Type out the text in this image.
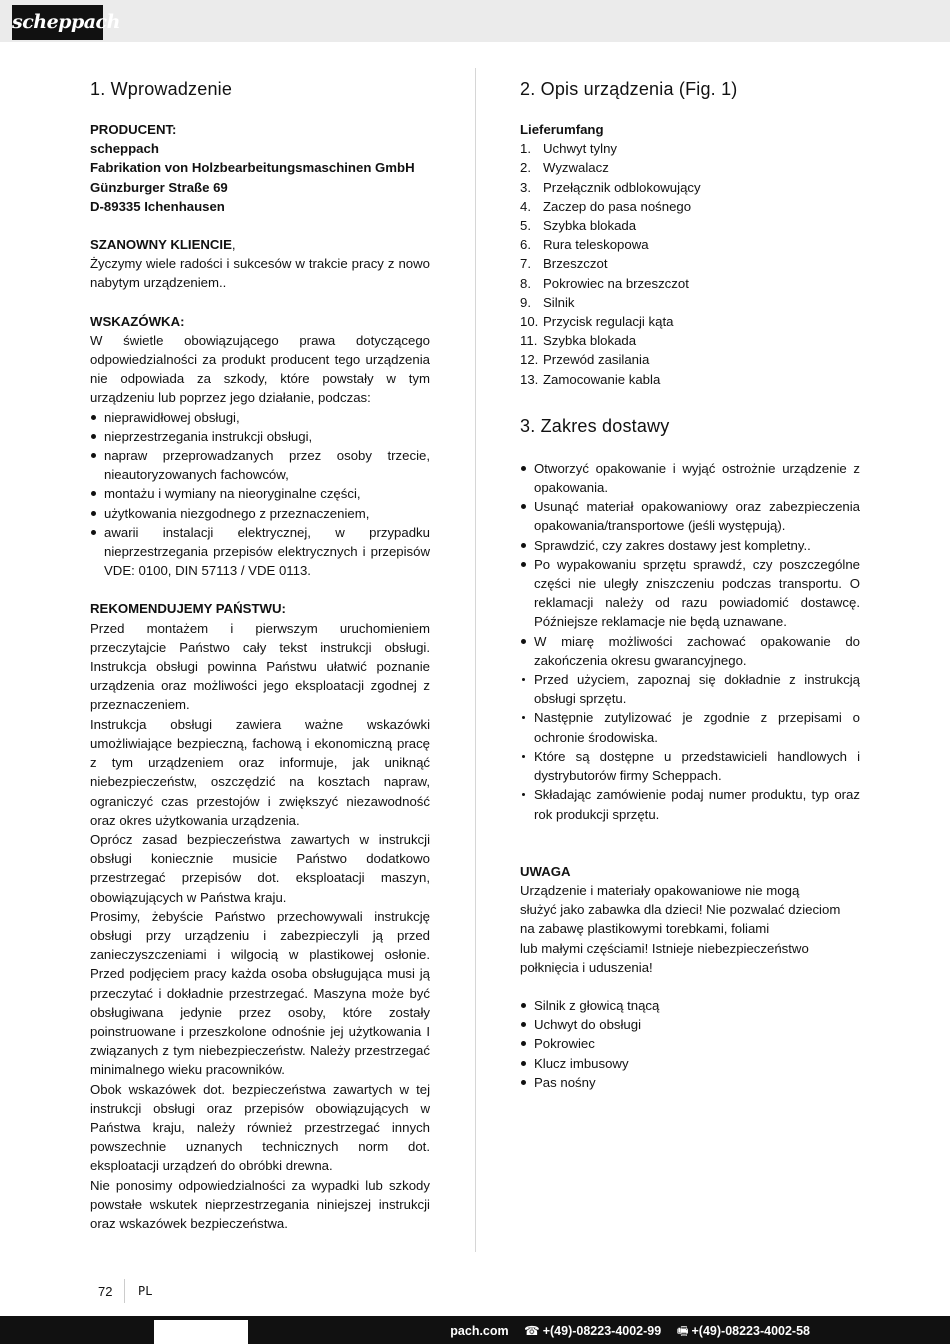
scheppach
1. Wprowadzenie

PRODUCENT:

scheppach

Fabrikation von Holzbearbeitungsmaschinen GmbH

Günzburger Straße 69

D-89335 Ichenhausen

SZANOWNY KLIENCIE,

Życzymy wiele radości i sukcesów w trakcie pracy z nowo nabytym urządzeniem..

WSKAZÓWKA:

W świetle obowiązującego prawa dotyczącego odpowiedzialności za produkt producent tego urządzenia nie odpowiada za szkody, które powstały w tym urządzeniu lub poprzez jego działanie, podczas:

nieprawidłowej obsługi,
nieprzestrzegania instrukcji obsługi,
napraw przeprowadzanych przez osoby trzecie, nieautoryzowanych fachowców,
montażu i wymiany na nieoryginalne części,
użytkowania niezgodnego z przeznaczeniem,
awarii instalacji elektrycznej, w przypadku nieprzestrzegania przepisów elektrycznych i przepisów VDE: 0100, DIN 57113 / VDE 0113.

REKOMENDUJEMY PAŃSTWU:

Przed montażem i pierwszym uruchomieniem przeczytajcie Państwo cały tekst instrukcji obsługi. Instrukcja obsługi powinna Państwu ułatwić poznanie urządzenia oraz możliwości jego eksploatacji zgodnej z przeznaczeniem.

Instrukcja obsługi zawiera ważne wskazówki umożliwiające bezpieczną, fachową i ekonomiczną pracę z tym urządzeniem oraz informuje, jak uniknąć niebezpieczeństw, oszczędzić na kosztach napraw, ograniczyć czas przestojów i zwiększyć niezawodność oraz okres użytkowania urządzenia.

Oprócz zasad bezpieczeństwa zawartych w instrukcji obsługi koniecznie musicie Państwo dodatkowo przestrzegać przepisów dot. eksploatacji maszyn, obowiązujących w Państwa kraju.

Prosimy, żebyście Państwo przechowywali instrukcję obsługi przy urządzeniu i zabezpieczyli ją przed zanieczyszczeniami i wilgocią w plastikowej osłonie. Przed podjęciem pracy każda osoba obsługująca musi ją przeczytać i dokładnie przestrzegać. Maszyna może być obsługiwana jedynie przez osoby, które zostały poinstruowane i przeszkolone odnośnie jej użytkowania I związanych z tym niebezpieczeństw. Należy przestrzegać minimalnego wieku pracowników.

Obok wskazówek dot. bezpieczeństwa zawartych w tej instrukcji obsługi oraz przepisów obowiązujących w Państwa kraju, należy również przestrzegać innych powszechnie uznanych technicznych norm dot. eksploatacji urządzeń do obróbki drewna.

Nie ponosimy odpowiedzialności za wypadki lub szkody powstałe wskutek nieprzestrzegania niniejszej instrukcji oraz wskazówek bezpieczeństwa.

2. Opis urządzenia (Fig. 1)

Lieferumfang

1. Uchwyt tylny
2. Wyzwalacz
3. Przełącznik odblokowujący
4. Zaczep do pasa nośnego
5. Szybka blokada
6. Rura teleskopowa
7. Brzeszczot
8. Pokrowiec na brzeszczot
9. Silnik
10. Przycisk regulacji kąta
11. Szybka blokada
12. Przewód zasilania
13. Zamocowanie kabla
3. Zakres dostawy
Otworzyć opakowanie i wyjąć ostrożnie urządzenie z opakowania.
Usunąć materiał opakowaniowy oraz zabezpieczenia opakowania/transportowe (jeśli występują).
Sprawdzić, czy zakres dostawy jest kompletny..
Po wypakowaniu sprzętu sprawdź, czy poszczególne części nie uległy zniszczeniu podczas transportu. O reklamacji należy od razu powiadomić dostawcę. Późniejsze reklamacje nie będą uznawane.
W miarę możliwości zachować opakowanie do zakończenia okresu gwarancyjnego.
Przed użyciem, zapoznaj się dokładnie z instrukcją obsługi sprzętu.
Następnie zutylizować je zgodnie z przepisami o ochronie środowiska.
Które są dostępne u przedstawicieli handlowych i dystrybutorów firmy Scheppach.
Składając zamówienie podaj numer produktu, typ oraz rok produkcji sprzętu.

UWAGA

Urządzenie i materiały opakowaniowe nie mogą

służyć jako zabawka dla dzieci! Nie pozwalać dzieciom

na zabawę plastikowymi torebkami, foliami

lub małymi częściami! Istnieje niebezpieczeństwo

połknięcia i uduszenia!

Silnik z głowicą tnącą
Uchwyt do obsługi
Pokrowiec
Klucz imbusowy
Pas nośny
72 PL
pach.com ☎ +(49)-08223-4002-99 🖷 +(49)-08223-4002-58
